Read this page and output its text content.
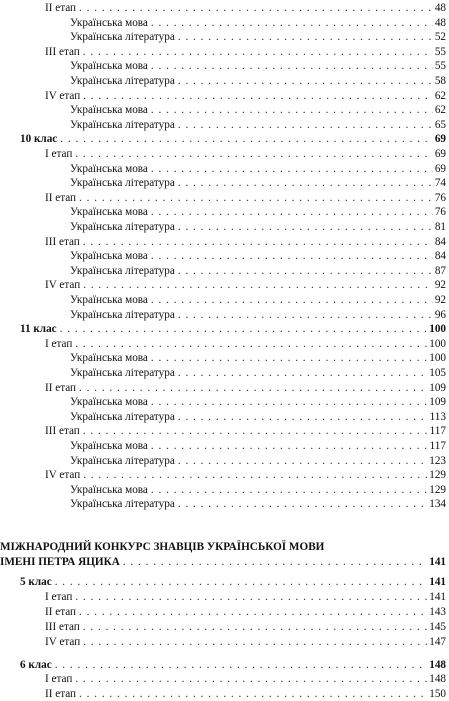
ІІ етап . . .	48
Українська мова . . .	48
Українська література . . .	52
ІІІ етап . . .	55
Українська мова . . .	55
Українська література . . .	58
IV етап . . .	62
Українська мова . . .	62
Українська література . . .	65
10 клас . . .	69
І етап . . .	69
Українська мова . . .	69
Українська література . . .	74
ІІ етап . . .	76
Українська мова . . .	76
Українська література . . .	81
ІІІ етап . . .	84
Українська мова . . .	84
Українська література . . .	87
IV етап . . .	92
Українська мова . . .	92
Українська література . . .	96
11 клас . . .	100
І етап . . .	100
Українська мова . . .	100
Українська література . . .	105
ІІ етап . . .	109
Українська мова . . .	109
Українська література . . .	113
ІІІ етап . . .	117
Українська мова . . .	117
Українська література . . .	123
IV етап . . .	129
Українська мова . . .	129
Українська література . . .	134
МІЖНАРОДНИЙ КОНКУРС ЗНАВЦІВ УКРАЇНСЬКОЇ МОВИ
ІМЕНІ ПЕТРА ЯЦИКА . . .	141
5 клас . . .	141
І етап . . .	141
ІІ етап . . .	143
ІІІ етап . . .	145
IV етап . . .	147
6 клас . . .	148
І етап . . .	148
ІІ етап . . .	150
